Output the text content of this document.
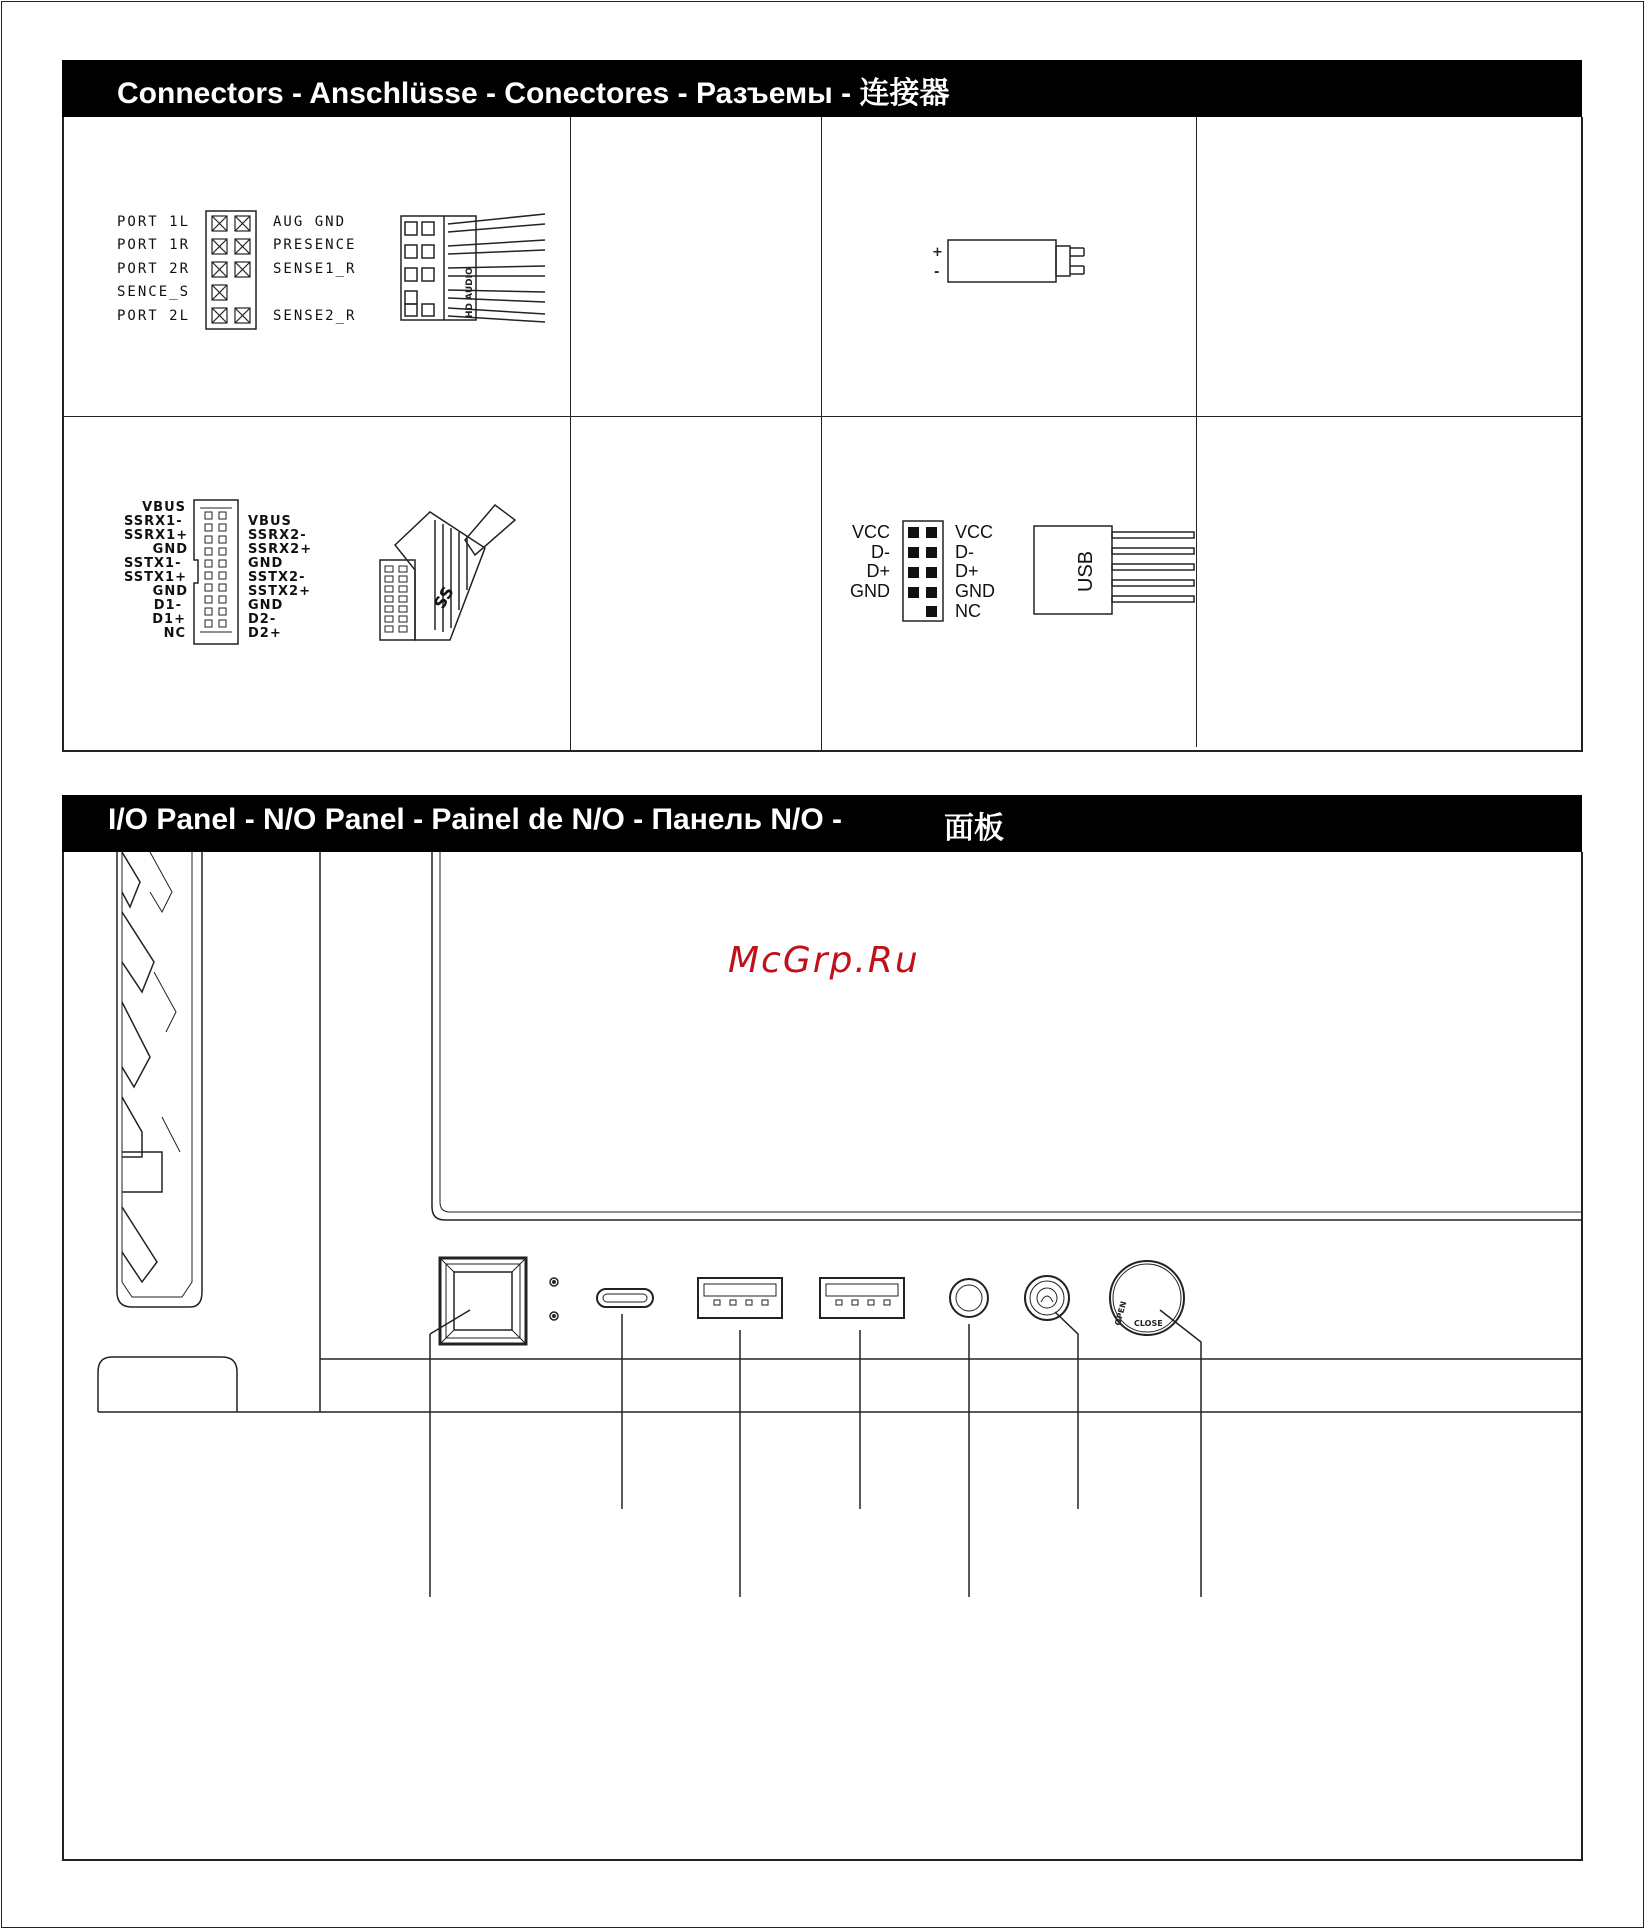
Connectors - Anschlüsse - Conectores - Разъемы - 连接器
PORT 1L
PORT 1R
PORT 2R
SENCE_S
PORT 2L
AUG GND
PRESENCE
SENSE1_R
SENSE2_R	HD AUDIO
+
-
VBUS
SSRX1-
SSRX1+
GND
SSTX1-
SSTX1+
GND
D1-
D1+
NC
VBUS
SSRX2-
SSRX2+
GND
SSTX2-
SSTX2+
GND
D2-
D2+
SS
VCC
D-
D+
GND
VCC
D-
D+
GND
NC
USB
I/O Panel - N/O Panel - Painel de N/O - Панель N/O -	面板
McGrp.Ru
OPEN CLOSE
